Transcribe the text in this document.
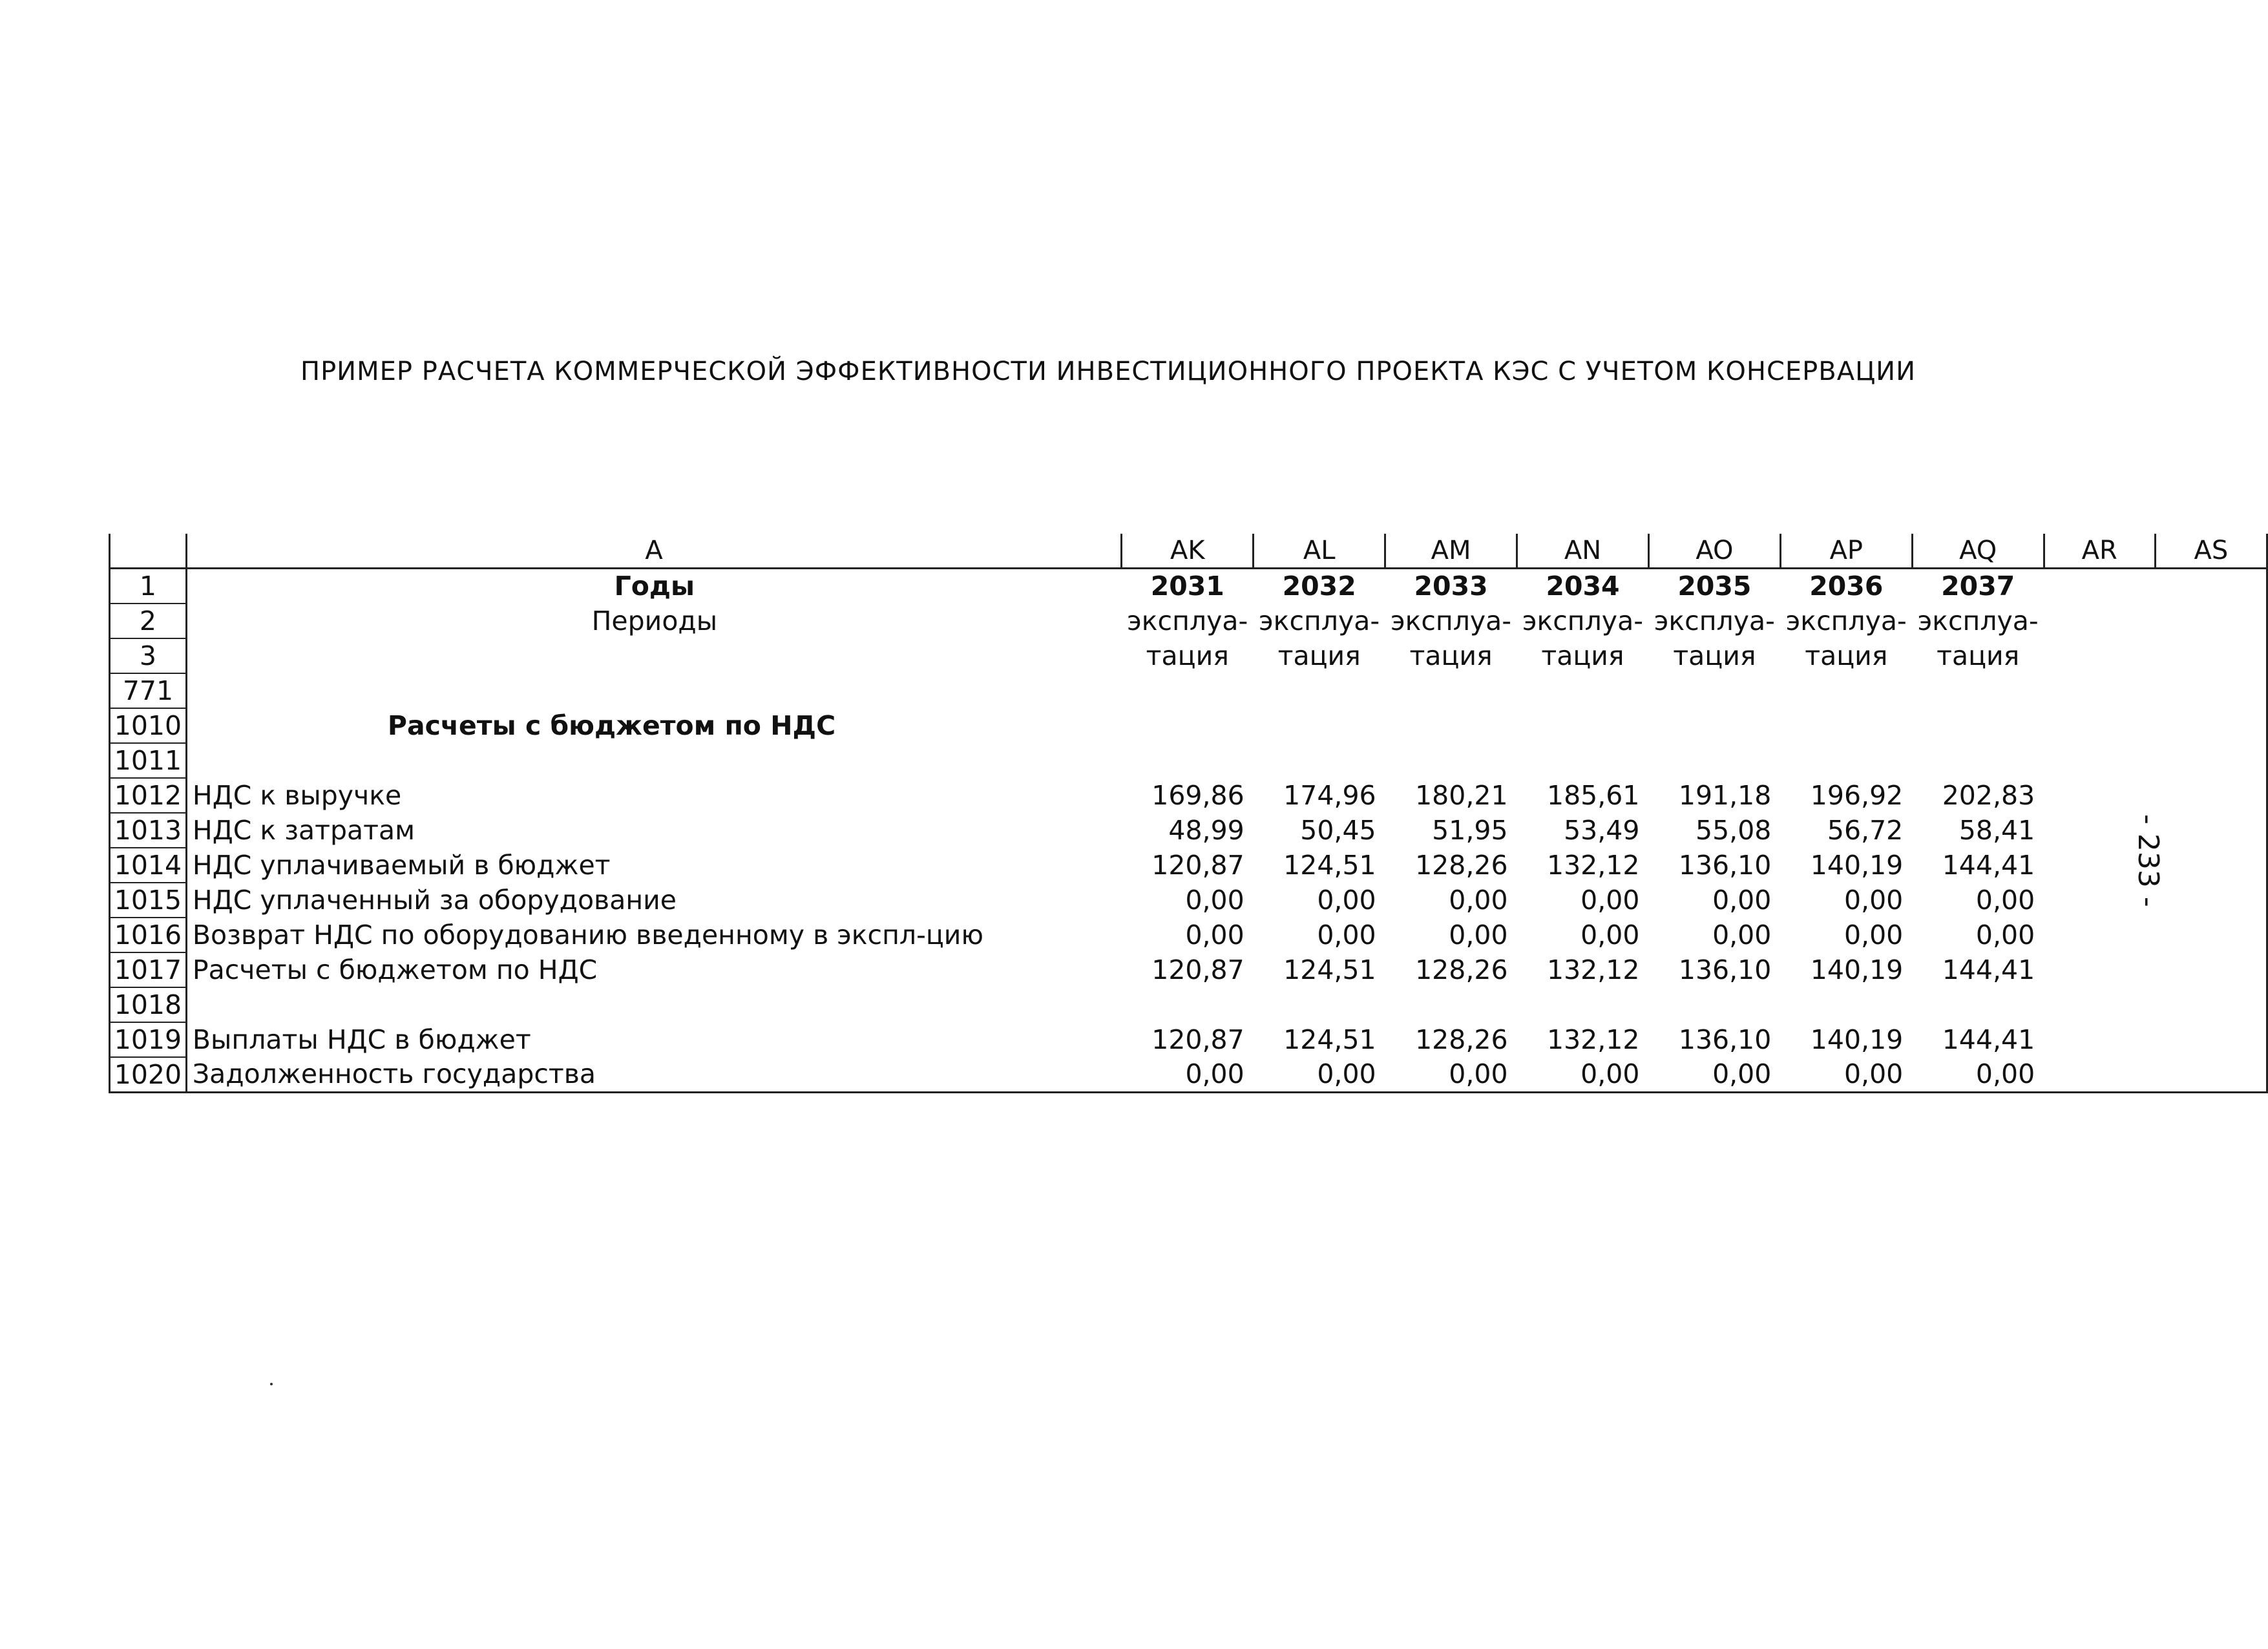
ПРИМЕР РАСЧЕТА КОММЕРЧЕСКОЙ ЭФФЕКТИВНОСТИ ИНВЕСТИЦИОННОГО ПРОЕКТА КЭС С УЧЕТОМ КОНСЕРВАЦИИ
	A	AK	AL	AM	AN	AO	AP	AQ	AR	AS
1	Годы	2031	2032	2033	2034	2035	2036	2037		
2	Периоды	эксплуа-	эксплуа-	эксплуа-	эксплуа-	эксплуа-	эксплуа-	эксплуа-		
3		тация	тация	тация	тация	тация	тация	тация		
771										
1010	Расчеты с бюджетом по НДС									
1011										
1012	НДС к выручке	169,86	174,96	180,21	185,61	191,18	196,92	202,83		
1013	НДС к затратам	48,99	50,45	51,95	53,49	55,08	56,72	58,41		
1014	НДС уплачиваемый в бюджет	120,87	124,51	128,26	132,12	136,10	140,19	144,41		
1015	НДС уплаченный за оборудование	0,00	0,00	0,00	0,00	0,00	0,00	0,00		
1016	Возврат НДС по оборудованию введенному в экспл-цию	0,00	0,00	0,00	0,00	0,00	0,00	0,00		
1017	Расчеты с бюджетом по НДС	120,87	124,51	128,26	132,12	136,10	140,19	144,41		
1018										
1019	Выплаты НДС в бюджет	120,87	124,51	128,26	132,12	136,10	140,19	144,41		
1020	Задолженность государства	0,00	0,00	0,00	0,00	0,00	0,00	0,00		
- 233 -
